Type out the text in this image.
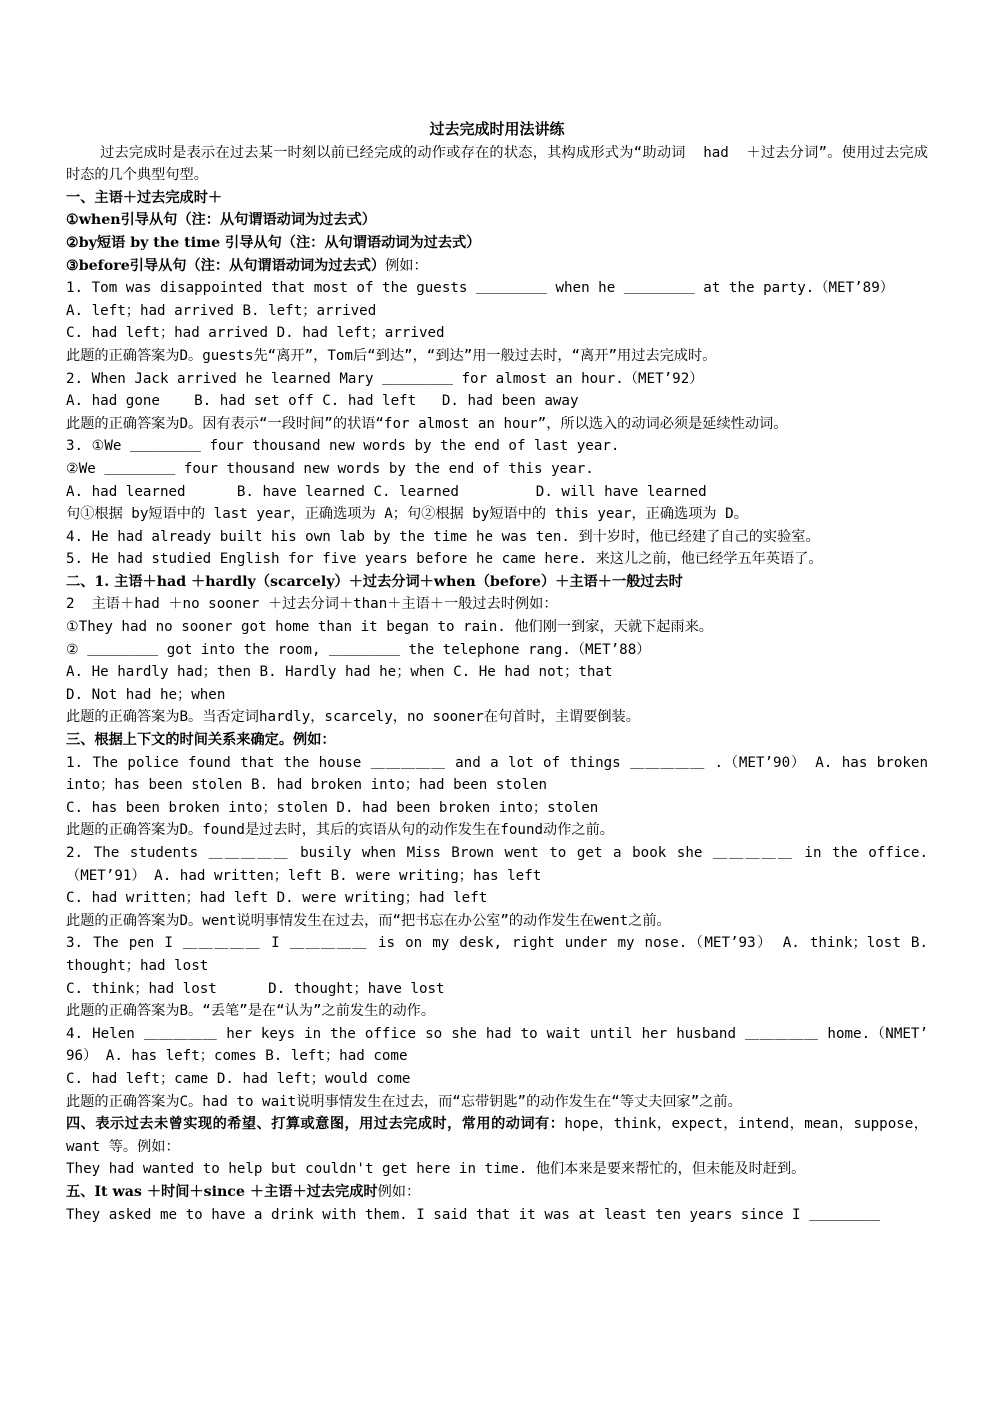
过去完成时用法讲练
过去完成时是表示在过去某一时刻以前已经完成的动作或存在的状态，其构成形式为“助动词  had  ＋过去分词”。使用过去完成时态的几个典型句型。
一、主语＋过去完成时＋
①when引导从句（注：从句谓语动词为过去式）
②by短语 by the time 引导从句（注：从句谓语动词为过去式）
③before引导从句（注：从句谓语动词为过去式）例如：
1. Tom was disappointed that most of the guests ＿＿＿＿＿ when he ＿＿＿＿＿ at the party.（MET’89）
A. left；had arrived B. left；arrived
C. had left；had arrived D. had left；arrived
此题的正确答案为D。guests先“离开”，Tom后“到达”，“到达”用一般过去时，“离开”用过去完成时。
2. When Jack arrived he learned Mary ＿＿＿＿＿ for almost an hour.（MET’92）
A. had gone    B. had set off C. had left   D. had been away
此题的正确答案为D。因有表示“一段时间”的状语“for almost an hour”，所以选入的动词必须是延续性动词。
3. ①We ＿＿＿＿＿ four thousand new words by the end of last year.
②We ＿＿＿＿＿ four thousand new words by the end of this year.
A. had learned      B. have learned C. learned         D. will have learned
句①根据 by短语中的 last year，正确选项为 A；句②根据 by短语中的 this year，正确选项为 D。
4. He had already built his own lab by the time he was ten. 到十岁时，他已经建了自己的实验室。
5. He had studied English for five years before he came here. 来这儿之前，他已经学五年英语了。
二、1. 主语＋had ＋hardly（scarcely）＋过去分词＋when（before）＋主语＋一般过去时
2  主语＋had ＋no sooner ＋过去分词＋than＋主语＋一般过去时例如：
①They had no sooner got home than it began to rain. 他们刚一到家，天就下起雨来。
② ＿＿＿＿＿ got into the room, ＿＿＿＿＿ the telephone rang.（MET’88）
A. He hardly had；then B. Hardly had he；when C. He had not；that
D. Not had he；when
此题的正确答案为B。当否定词hardly，scarcely，no sooner在句首时，主谓要倒装。
三、根据上下文的时间关系来确定。例如：
1. The police found that the house ＿＿＿＿＿ and a lot of things ＿＿＿＿＿ .（MET’90） A. has broken into；has been stolen B. had broken into；had been stolen
C. has been broken into；stolen D. had been broken into；stolen
此题的正确答案为D。found是过去时，其后的宾语从句的动作发生在found动作之前。
2. The students ＿＿＿＿＿ busily when Miss Brown went to get a book she ＿＿＿＿＿ in the office.（MET’91） A. had written；left B. were writing；has left
C. had written；had left D. were writing；had left
此题的正确答案为D。went说明事情发生在过去，而“把书忘在办公室”的动作发生在went之前。
3. The pen I ＿＿＿＿＿ I ＿＿＿＿＿ is on my desk, right under my nose.（MET’93） A. think；lost B. thought；had lost
C. think；had lost      D. thought；have lost
此题的正确答案为B。“丢笔”是在“认为”之前发生的动作。
4. Helen ＿＿＿＿＿ her keys in the office so she had to wait until her husband ＿＿＿＿＿ home.（NMET’ 96） A. has left；comes B. left；had come
C. had left；came D. had left；would come
此题的正确答案为C。had to wait说明事情发生在过去，而“忘带钥匙”的动作发生在“等丈夫回家”之前。
四、表示过去未曾实现的希望、打算或意图，用过去完成时，常用的动词有：hope，think，expect，intend，mean，suppose，want 等。例如：
They had wanted to help but couldn't get here in time. 他们本来是要来帮忙的，但未能及时赶到。
五、It was ＋时间＋since ＋主语＋过去完成时例如：
They asked me to have a drink with them. I said that it was at least ten years since I ＿＿＿＿＿
